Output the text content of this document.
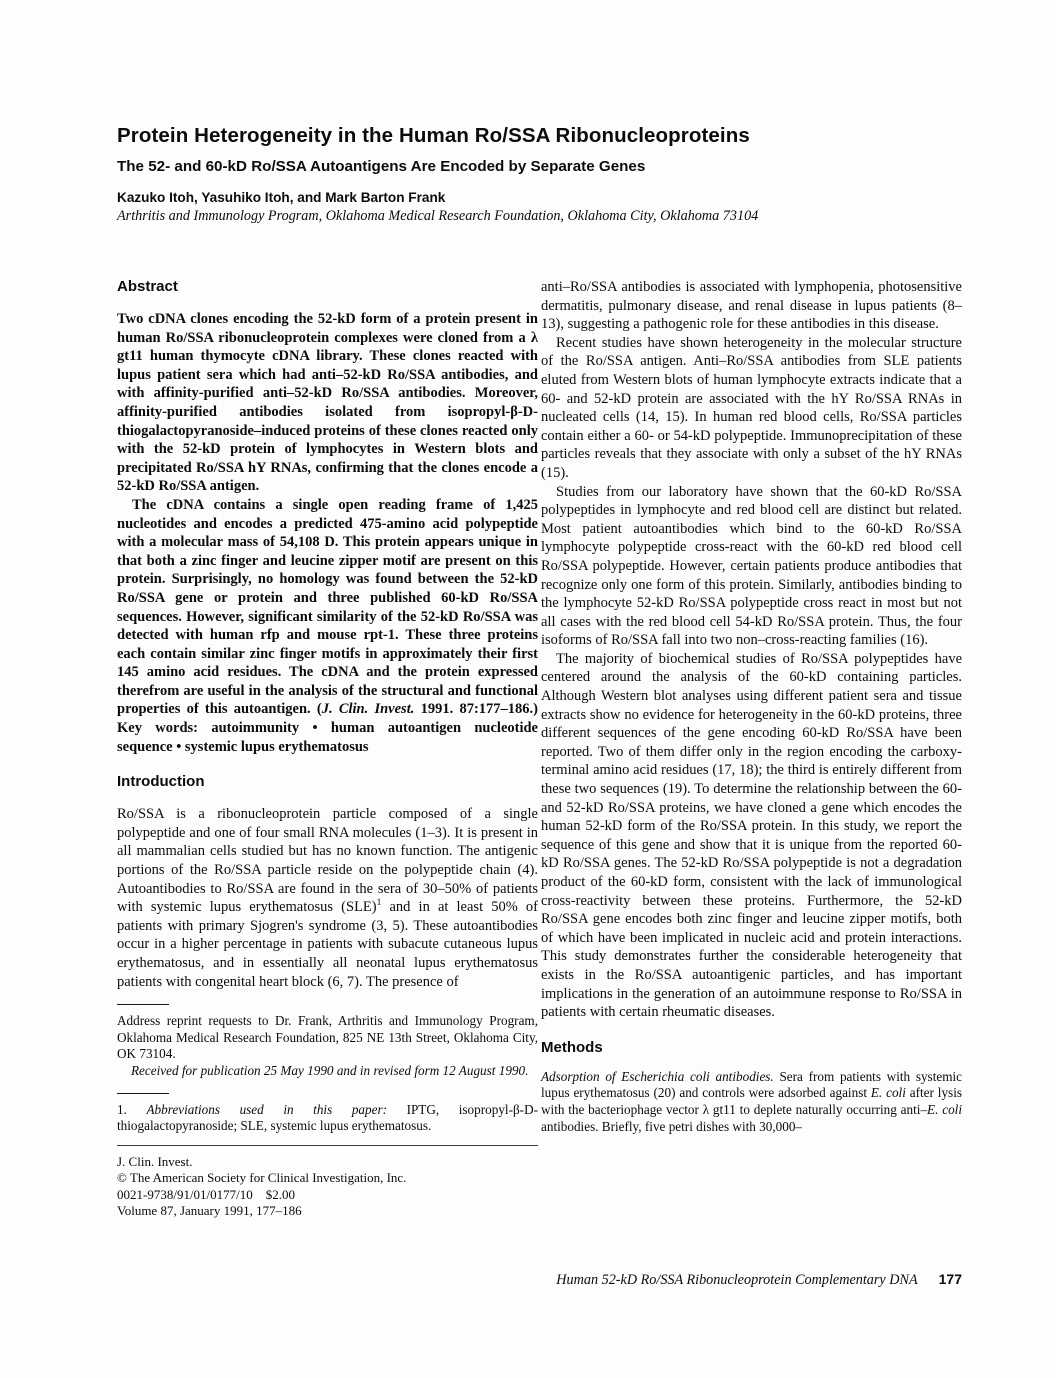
Protein Heterogeneity in the Human Ro/SSA Ribonucleoproteins
The 52- and 60-kD Ro/SSA Autoantigens Are Encoded by Separate Genes

Kazuko Itoh, Yasuhiko Itoh, and Mark Barton Frank

Arthritis and Immunology Program, Oklahoma Medical Research Foundation, Oklahoma City, Oklahoma 73104

Abstract

Two cDNA clones encoding the 52-kD form of a protein present in human Ro/SSA ribonucleoprotein complexes were cloned from a λ gt11 human thymocyte cDNA library. These clones reacted with lupus patient sera which had anti–52-kD Ro/SSA antibodies, and with affinity-purified anti–52-kD Ro/SSA antibodies. Moreover, affinity-purified antibodies isolated from isopropyl-β-D-thiogalactopyranoside–induced proteins of these clones reacted only with the 52-kD protein of lymphocytes in Western blots and precipitated Ro/SSA hY RNAs, confirming that the clones encode a 52-kD Ro/SSA antigen.

The cDNA contains a single open reading frame of 1,425 nucleotides and encodes a predicted 475-amino acid polypeptide with a molecular mass of 54,108 D. This protein appears unique in that both a zinc finger and leucine zipper motif are present on this protein. Surprisingly, no homology was found between the 52-kD Ro/SSA gene or protein and three published 60-kD Ro/SSA sequences. However, significant similarity of the 52-kD Ro/SSA was detected with human rfp and mouse rpt-1. These three proteins each contain similar zinc finger motifs in approximately their first 145 amino acid residues. The cDNA and the protein expressed therefrom are useful in the analysis of the structural and functional properties of this autoantigen. (J. Clin. Invest. 1991. 87:177–186.) Key words: autoimmunity • human autoantigen nucleotide sequence • systemic lupus erythematosus

Introduction

Ro/SSA is a ribonucleoprotein particle composed of a single polypeptide and one of four small RNA molecules (1–3). It is present in all mammalian cells studied but has no known function. The antigenic portions of the Ro/SSA particle reside on the polypeptide chain (4). Autoantibodies to Ro/SSA are found in the sera of 30–50% of patients with systemic lupus erythematosus (SLE)$^1$ and in at least 50% of patients with primary Sjogren's syndrome (3, 5). These autoantibodies occur in a higher percentage in patients with subacute cutaneous lupus erythematosus, and in essentially all neonatal lupus erythematosus patients with congenital heart block (6, 7). The presence of

Address reprint requests to Dr. Frank, Arthritis and Immunology Program, Oklahoma Medical Research Foundation, 825 NE 13th Street, Oklahoma City, OK 73104.

Received for publication 25 May 1990 and in revised form 12 August 1990.

1. Abbreviations used in this paper: IPTG, isopropyl-β-D-thiogalactopyranoside; SLE, systemic lupus erythematosus.

J. Clin. Invest.

© The American Society for Clinical Investigation, Inc.

0021-9738/91/01/0177/10  $2.00

Volume 87, January 1991, 177–186

anti–Ro/SSA antibodies is associated with lymphopenia, photosensitive dermatitis, pulmonary disease, and renal disease in lupus patients (8–13), suggesting a pathogenic role for these antibodies in this disease.

Recent studies have shown heterogeneity in the molecular structure of the Ro/SSA antigen. Anti–Ro/SSA antibodies from SLE patients eluted from Western blots of human lymphocyte extracts indicate that a 60- and 52-kD protein are associated with the hY Ro/SSA RNAs in nucleated cells (14, 15). In human red blood cells, Ro/SSA particles contain either a 60- or 54-kD polypeptide. Immunoprecipitation of these particles reveals that they associate with only a subset of the hY RNAs (15).

Studies from our laboratory have shown that the 60-kD Ro/SSA polypeptides in lymphocyte and red blood cell are distinct but related. Most patient autoantibodies which bind to the 60-kD Ro/SSA lymphocyte polypeptide cross-react with the 60-kD red blood cell Ro/SSA polypeptide. However, certain patients produce antibodies that recognize only one form of this protein. Similarly, antibodies binding to the lymphocyte 52-kD Ro/SSA polypeptide cross react in most but not all cases with the red blood cell 54-kD Ro/SSA protein. Thus, the four isoforms of Ro/SSA fall into two non–cross-reacting families (16).

The majority of biochemical studies of Ro/SSA polypeptides have centered around the analysis of the 60-kD containing particles. Although Western blot analyses using different patient sera and tissue extracts show no evidence for heterogeneity in the 60-kD proteins, three different sequences of the gene encoding 60-kD Ro/SSA have been reported. Two of them differ only in the region encoding the carboxy-terminal amino acid residues (17, 18); the third is entirely different from these two sequences (19). To determine the relationship between the 60- and 52-kD Ro/SSA proteins, we have cloned a gene which encodes the human 52-kD form of the Ro/SSA protein. In this study, we report the sequence of this gene and show that it is unique from the reported 60-kD Ro/SSA genes. The 52-kD Ro/SSA polypeptide is not a degradation product of the 60-kD form, consistent with the lack of immunological cross-reactivity between these proteins. Furthermore, the 52-kD Ro/SSA gene encodes both zinc finger and leucine zipper motifs, both of which have been implicated in nucleic acid and protein interactions. This study demonstrates further the considerable heterogeneity that exists in the Ro/SSA autoantigenic particles, and has important implications in the generation of an autoimmune response to Ro/SSA in patients with certain rheumatic diseases.

Methods

Adsorption of Escherichia coli antibodies. Sera from patients with systemic lupus erythematosus (20) and controls were adsorbed against E. coli after lysis with the bacteriophage vector λ gt11 to deplete naturally occurring anti–E. coli antibodies. Briefly, five petri dishes with 30,000–

Human 52-kD Ro/SSA Ribonucleoprotein Complementary DNA 177
